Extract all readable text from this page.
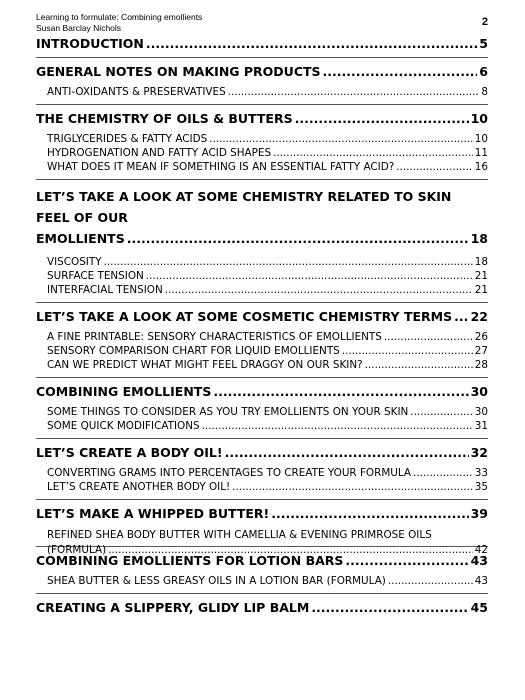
Learning to formulate: Combining emollients
Susan Barclay Nichols	2
INTRODUCTION .....	5
GENERAL NOTES ON MAKING PRODUCTS .....	6
ANTI-OXIDANTS & PRESERVATIVES .....	8
THE CHEMISTRY OF OILS & BUTTERS .....	10
TRIGLYCERIDES & FATTY ACIDS .....	10
HYDROGENATION AND FATTY ACID SHAPES .....	11
WHAT DOES IT MEAN IF SOMETHING IS AN ESSENTIAL FATTY ACID? .....	16
LET’S TAKE A LOOK AT SOME CHEMISTRY RELATED TO SKIN FEEL OF OUR
EMOLLIENTS .....	18
VISCOSITY .....	18
SURFACE TENSION .....	21
INTERFACIAL TENSION .....	21
LET’S TAKE A LOOK AT SOME COSMETIC CHEMISTRY TERMS ..... 22
A FINE PRINTABLE: SENSORY CHARACTERISTICS OF EMOLLIENTS .....	26
SENSORY COMPARISON CHART FOR LIQUID EMOLLIENTS .....	27
CAN WE PREDICT WHAT MIGHT FEEL DRAGGY ON OUR SKIN? .....	28
COMBINING EMOLLIENTS .....	30
SOME THINGS TO CONSIDER AS YOU TRY EMOLLIENTS ON YOUR SKIN .....	30
SOME QUICK MODIFICATIONS .....	31
LET’S CREATE A BODY OIL! .....	32
CONVERTING GRAMS INTO PERCENTAGES TO CREATE YOUR FORMULA .....	33
LET’S CREATE ANOTHER BODY OIL! .....	35
LET’S MAKE A WHIPPED BUTTER! .....	39
REFINED SHEA BODY BUTTER WITH CAMELLIA & EVENING PRIMROSE OILS
(FORMULA) .....	42
COMBINING EMOLLIENTS FOR LOTION BARS .....	43
SHEA BUTTER & LESS GREASY OILS IN A LOTION BAR (FORMULA) .....	43
CREATING A SLIPPERY, GLIDY LIP BALM .....	45
